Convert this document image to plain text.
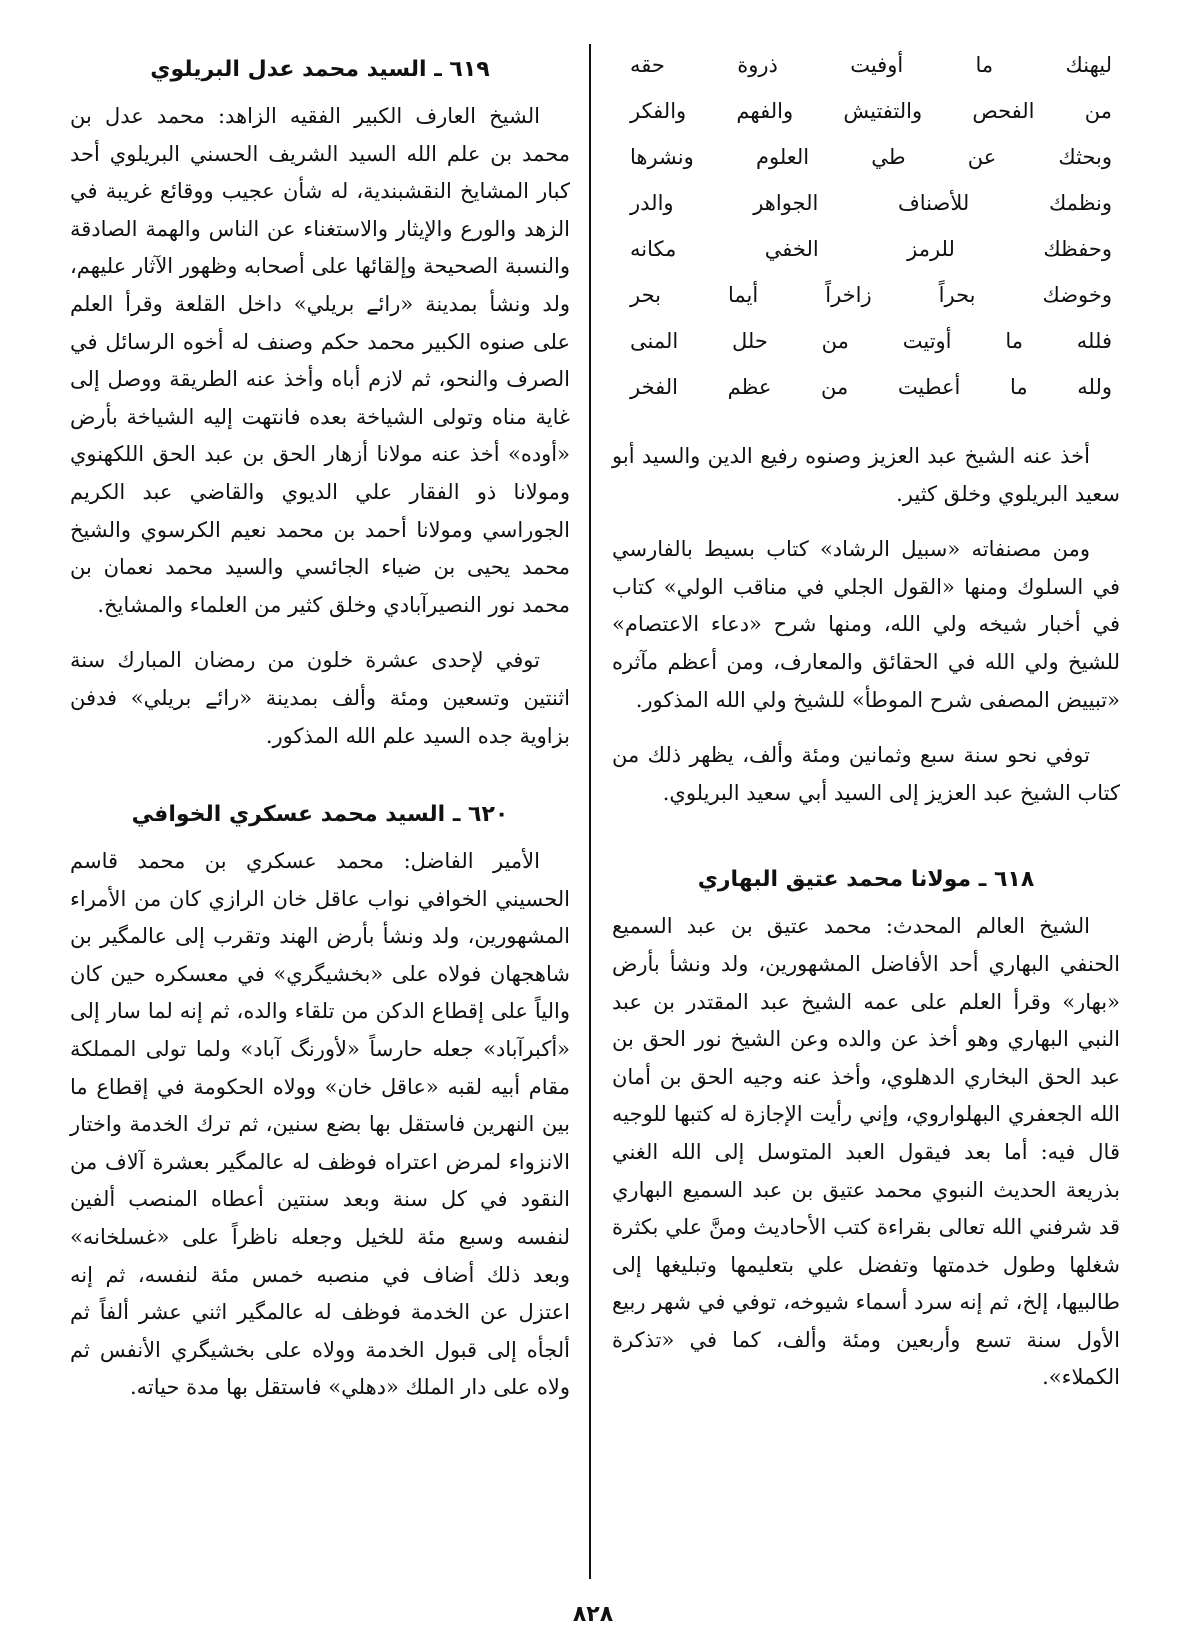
ليهنك ما أوفيت ذروة حقه
من الفحص والتفتيش والفهم والفكر
وبحثك عن طي العلوم ونشرها
ونظمك للأصناف الجواهر والدر
وحفظك للرمز الخفي مكانه
وخوضك بحراً زاخراً أيما بحر
فلله ما أوتيت من حلل المنى
ولله ما أعطيت من عظم الفخر

أخذ عنه الشيخ عبد العزيز وصنوه رفيع الدين والسيد أبو سعيد البريلوي وخلق كثير.

ومن مصنفاته «سبيل الرشاد» كتاب بسيط بالفارسي في السلوك ومنها «القول الجلي في مناقب الولي» كتاب في أخبار شيخه ولي الله، ومنها شرح «دعاء الاعتصام» للشيخ ولي الله في الحقائق والمعارف، ومن أعظم مآثره «تبييض المصفى شرح الموطأ» للشيخ ولي الله المذكور.

توفي نحو سنة سبع وثمانين ومئة وألف، يظهر ذلك من كتاب الشيخ عبد العزيز إلى السيد أبي سعيد البريلوي.

٦١٨ ـ مولانا محمد عتيق البهاري

الشيخ العالم المحدث: محمد عتيق بن عبد السميع الحنفي البهاري أحد الأفاضل المشهورين، ولد ونشأ بأرض «بهار» وقرأ العلم على عمه الشيخ عبد المقتدر بن عبد النبي البهاري وهو أخذ عن والده وعن الشيخ نور الحق بن عبد الحق البخاري الدهلوي، وأخذ عنه وجيه الحق بن أمان الله الجعفري البهلواروي، وإني رأيت الإجازة له كتبها للوجيه قال فيه: أما بعد فيقول العبد المتوسل إلى الله الغني بذريعة الحديث النبوي محمد عتيق بن عبد السميع البهاري قد شرفني الله تعالى بقراءة كتب الأحاديث ومنَّ علي بكثرة شغلها وطول خدمتها وتفضل علي بتعليمها وتبليغها إلى طالبيها، إلخ، ثم إنه سرد أسماء شيوخه، توفي في شهر ربيع الأول سنة تسع وأربعين ومئة وألف، كما في «تذكرة الكملاء».

٦١٩ ـ السيد محمد عدل البريلوي

الشيخ العارف الكبير الفقيه الزاهد: محمد عدل بن محمد بن علم الله السيد الشريف الحسني البريلوي أحد كبار المشايخ النقشبندية، له شأن عجيب ووقائع غريبة في الزهد والورع والإيثار والاستغناء عن الناس والهمة الصادقة والنسبة الصحيحة وإلقائها على أصحابه وظهور الآثار عليهم، ولد ونشأ بمدينة «رائے بريلي» داخل القلعة وقرأ العلم على صنوه الكبير محمد حكم وصنف له أخوه الرسائل في الصرف والنحو، ثم لازم أباه وأخذ عنه الطريقة ووصل إلى غاية مناه وتولى الشياخة بعده فانتهت إليه الشياخة بأرض «أوده» أخذ عنه مولانا أزهار الحق بن عبد الحق اللكهنوي ومولانا ذو الفقار علي الديوي والقاضي عبد الكريم الجوراسي ومولانا أحمد بن محمد نعيم الكرسوي والشيخ محمد يحيى بن ضياء الجائسي والسيد محمد نعمان بن محمد نور النصيرآبادي وخلق كثير من العلماء والمشايخ.

توفي لإحدى عشرة خلون من رمضان المبارك سنة اثنتين وتسعين ومئة وألف بمدينة «رائے بريلي» فدفن بزاوية جده السيد علم الله المذكور.

٦٢٠ ـ السيد محمد عسكري الخوافي

الأمير الفاضل: محمد عسكري بن محمد قاسم الحسيني الخوافي نواب عاقل خان الرازي كان من الأمراء المشهورين، ولد ونشأ بأرض الهند وتقرب إلى عالمگير بن شاهجهان فولاه على «بخشيگري» في معسكره حين كان والياً على إقطاع الدكن من تلقاء والده، ثم إنه لما سار إلى «أكبرآباد» جعله حارساً «لأورنگ آباد» ولما تولى المملكة مقام أبيه لقبه «عاقل خان» وولاه الحكومة في إقطاع ما بين النهرين فاستقل بها بضع سنين، ثم ترك الخدمة واختار الانزواء لمرض اعتراه فوظف له عالمگير بعشرة آلاف من النقود في كل سنة وبعد سنتين أعطاه المنصب ألفين لنفسه وسبع مئة للخيل وجعله ناظراً على «غسلخانه» وبعد ذلك أضاف في منصبه خمس مئة لنفسه، ثم إنه اعتزل عن الخدمة فوظف له عالمگير اثني عشر ألفاً ثم ألجأه إلى قبول الخدمة وولاه على بخشيگري الأنفس ثم ولاه على دار الملك «دهلي» فاستقل بها مدة حياته.

٨٢٨
